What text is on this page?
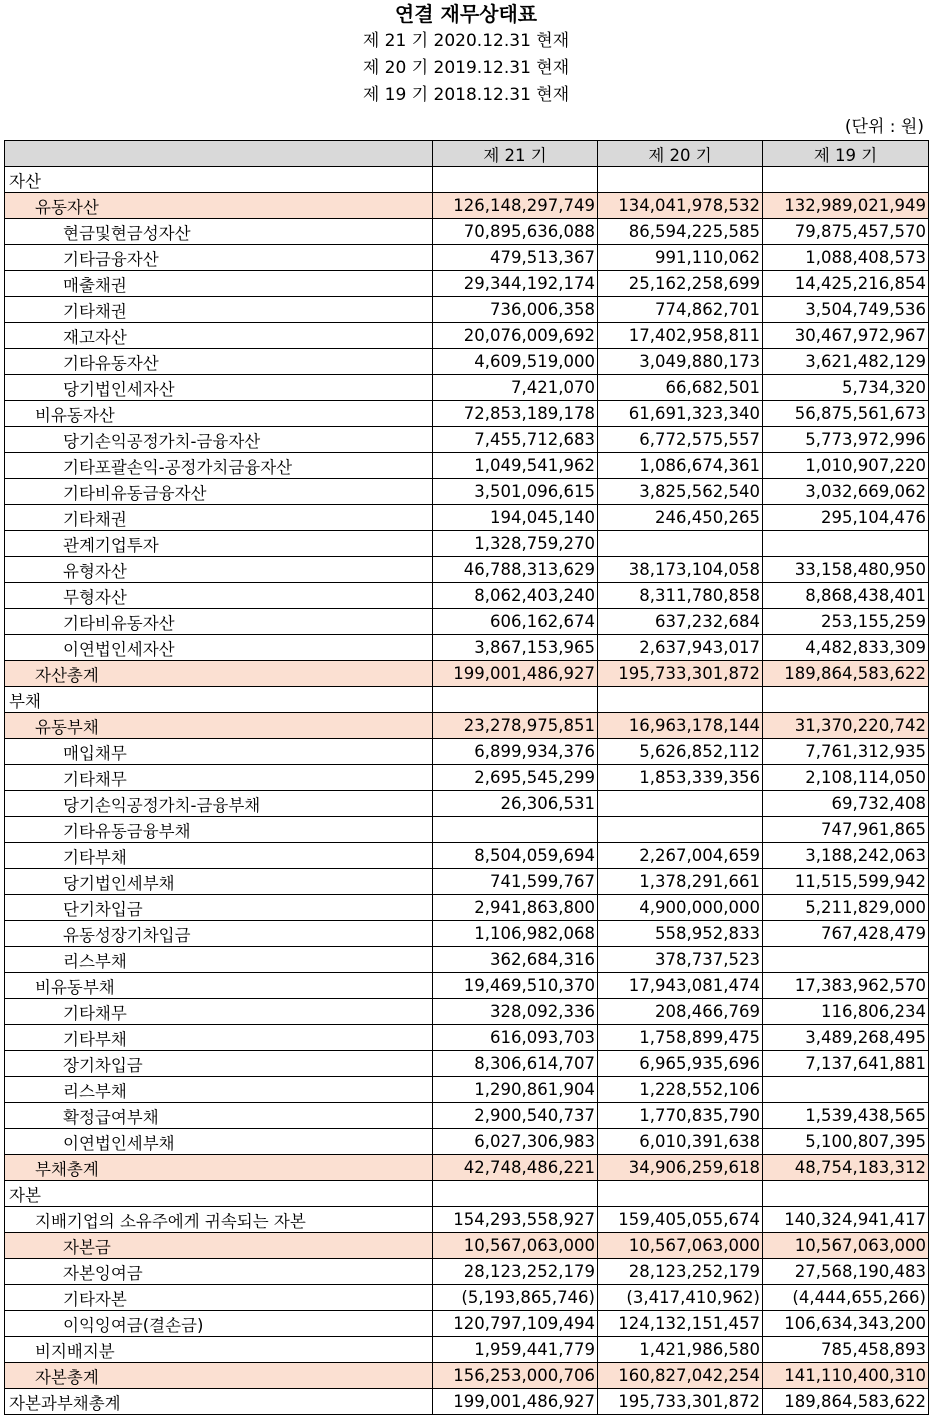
연결 재무상태표
제 21 기 2020.12.31 현재
제 20 기 2019.12.31 현재
제 19 기 2018.12.31 현재
(단위 : 원)
	제 21 기	제 20 기	제 19 기
자산			
유동자산	126,148,297,749	134,041,978,532	132,989,021,949
현금및현금성자산	70,895,636,088	86,594,225,585	79,875,457,570
기타금융자산	479,513,367	991,110,062	1,088,408,573
매출채권	29,344,192,174	25,162,258,699	14,425,216,854
기타채권	736,006,358	774,862,701	3,504,749,536
재고자산	20,076,009,692	17,402,958,811	30,467,972,967
기타유동자산	4,609,519,000	3,049,880,173	3,621,482,129
당기법인세자산	7,421,070	66,682,501	5,734,320
비유동자산	72,853,189,178	61,691,323,340	56,875,561,673
당기손익공정가치-금융자산	7,455,712,683	6,772,575,557	5,773,972,996
기타포괄손익-공정가치금융자산	1,049,541,962	1,086,674,361	1,010,907,220
기타비유동금융자산	3,501,096,615	3,825,562,540	3,032,669,062
기타채권	194,045,140	246,450,265	295,104,476
관계기업투자	1,328,759,270		
유형자산	46,788,313,629	38,173,104,058	33,158,480,950
무형자산	8,062,403,240	8,311,780,858	8,868,438,401
기타비유동자산	606,162,674	637,232,684	253,155,259
이연법인세자산	3,867,153,965	2,637,943,017	4,482,833,309
자산총계	199,001,486,927	195,733,301,872	189,864,583,622
부채			
유동부채	23,278,975,851	16,963,178,144	31,370,220,742
매입채무	6,899,934,376	5,626,852,112	7,761,312,935
기타채무	2,695,545,299	1,853,339,356	2,108,114,050
당기손익공정가치-금융부채	26,306,531		69,732,408
기타유동금융부채			747,961,865
기타부채	8,504,059,694	2,267,004,659	3,188,242,063
당기법인세부채	741,599,767	1,378,291,661	11,515,599,942
단기차입금	2,941,863,800	4,900,000,000	5,211,829,000
유동성장기차입금	1,106,982,068	558,952,833	767,428,479
리스부채	362,684,316	378,737,523	
비유동부채	19,469,510,370	17,943,081,474	17,383,962,570
기타채무	328,092,336	208,466,769	116,806,234
기타부채	616,093,703	1,758,899,475	3,489,268,495
장기차입금	8,306,614,707	6,965,935,696	7,137,641,881
리스부채	1,290,861,904	1,228,552,106	
확정급여부채	2,900,540,737	1,770,835,790	1,539,438,565
이연법인세부채	6,027,306,983	6,010,391,638	5,100,807,395
부채총계	42,748,486,221	34,906,259,618	48,754,183,312
자본			
지배기업의 소유주에게 귀속되는 자본	154,293,558,927	159,405,055,674	140,324,941,417
자본금	10,567,063,000	10,567,063,000	10,567,063,000
자본잉여금	28,123,252,179	28,123,252,179	27,568,190,483
기타자본	(5,193,865,746)	(3,417,410,962)	(4,444,655,266)
이익잉여금(결손금)	120,797,109,494	124,132,151,457	106,634,343,200
비지배지분	1,959,441,779	1,421,986,580	785,458,893
자본총계	156,253,000,706	160,827,042,254	141,110,400,310
자본과부채총계	199,001,486,927	195,733,301,872	189,864,583,622
